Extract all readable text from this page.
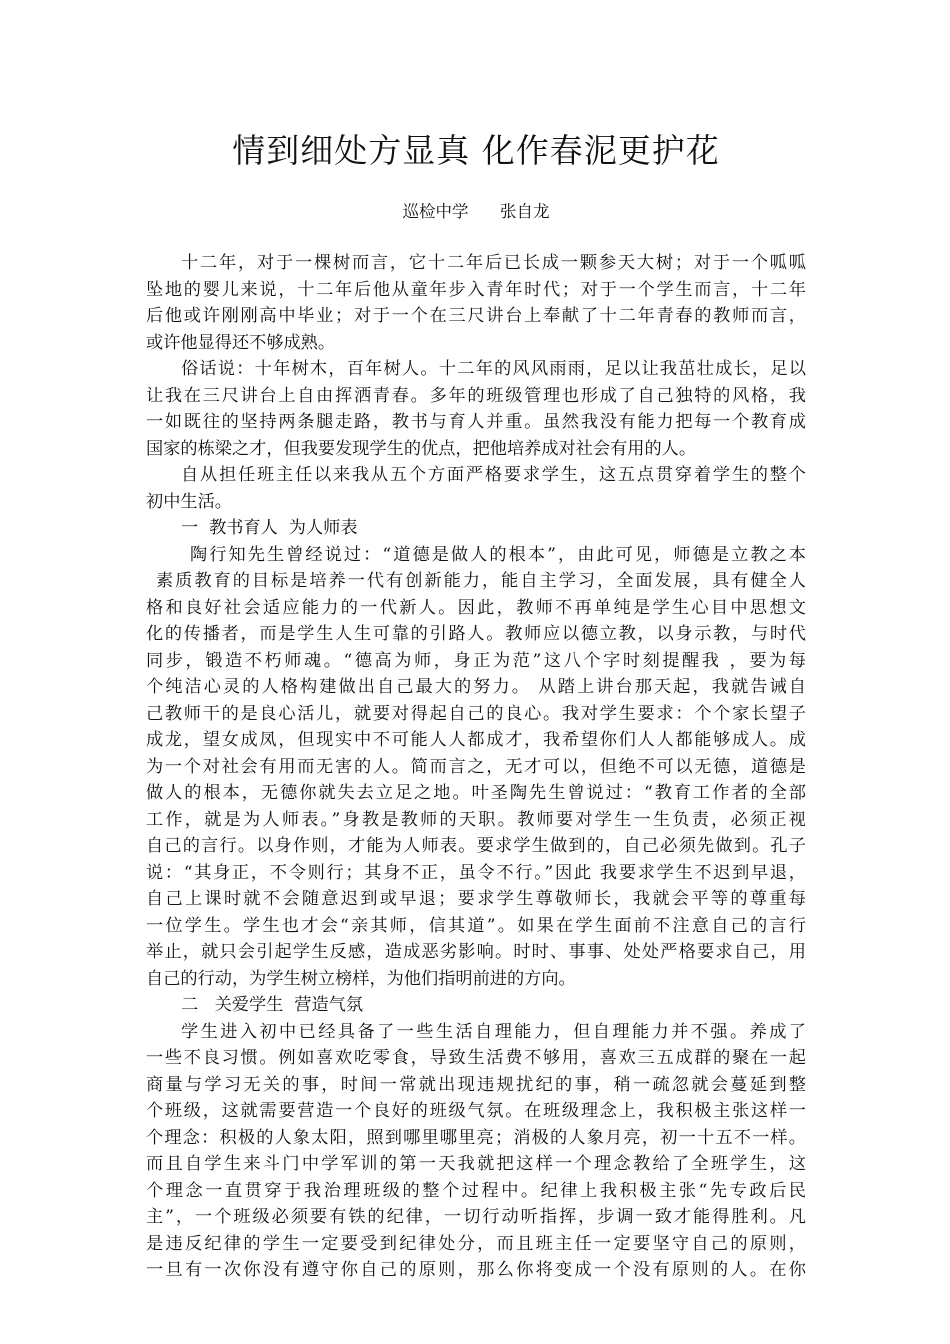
情到细处方显真 化作春泥更护花
巡检中学      张自龙
十二年，对于一棵树而言，它十二年后已长成一颗参天大树；对于一个呱呱
坠地的婴儿来说，十二年后他从童年步入青年时代；对于一个学生而言，十二年
后他或许刚刚高中毕业；对于一个在三尺讲台上奉献了十二年青春的教师而言，
或许他显得还不够成熟。
俗话说：十年树木，百年树人。十二年的风风雨雨，足以让我茁壮成长，足以
让我在三尺讲台上自由挥洒青春。多年的班级管理也形成了自己独特的风格，我
一如既往的坚持两条腿走路，教书与育人并重。虽然我没有能力把每一个教育成
国家的栋梁之才，但我要发现学生的优点，把他培养成对社会有用的人。
自从担任班主任以来我从五个方面严格要求学生，这五点贯穿着学生的整个
初中生活。
一  教书育人  为人师表
陶行知先生曾经说过：“道德是做人的根本”，由此可见，师德是立教之本
素质教育的目标是培养一代有创新能力，能自主学习，全面发展，具有健全人
格和良好社会适应能力的一代新人。因此，教师不再单纯是学生心目中思想文
化的传播者，而是学生人生可靠的引路人。教师应以德立教，以身示教，与时代
同步，锻造不朽师魂。“德高为师，身正为范”这八个字时刻提醒我 ，要为每
个纯洁心灵的人格构建做出自己最大的努力。 从踏上讲台那天起，我就告诫自
己教师干的是良心活儿，就要对得起自己的良心。我对学生要求：个个家长望子
成龙，望女成凤，但现实中不可能人人都成才，我希望你们人人都能够成人。成
为一个对社会有用而无害的人。简而言之，无才可以，但绝不可以无德，道德是
做人的根本，无德你就失去立足之地。叶圣陶先生曾说过：“教育工作者的全部
工作，就是为人师表。”身教是教师的天职。教师要对学生一生负责，必须正视
自己的言行。以身作则，才能为人师表。要求学生做到的，自己必须先做到。孔子
说：“其身正，不令则行；其身不正，虽令不行。”因此 我要求学生不迟到早退，
自己上课时就不会随意迟到或早退；要求学生尊敬师长，我就会平等的尊重每
一位学生。学生也才会“亲其师，信其道”。如果在学生面前不注意自己的言行
举止，就只会引起学生反感，造成恶劣影响。时时、事事、处处严格要求自己，用
自己的行动，为学生树立榜样，为他们指明前进的方向。
二   关爱学生  营造气氛
学生进入初中已经具备了一些生活自理能力，但自理能力并不强。养成了
一些不良习惯。例如喜欢吃零食，导致生活费不够用，喜欢三五成群的聚在一起
商量与学习无关的事，时间一常就出现违规扰纪的事，稍一疏忽就会蔓延到整
个班级，这就需要营造一个良好的班级气氛。在班级理念上，我积极主张这样一
个理念：积极的人象太阳，照到哪里哪里亮；消极的人象月亮，初一十五不一样。
而且自学生来斗门中学军训的第一天我就把这样一个理念教给了全班学生，这
个理念一直贯穿于我治理班级的整个过程中。纪律上我积极主张“先专政后民
主”，一个班级必须要有铁的纪律，一切行动听指挥，步调一致才能得胜利。凡
是违反纪律的学生一定要受到纪律处分，而且班主任一定要坚守自己的原则，
一旦有一次你没有遵守你自己的原则，那么你将变成一个没有原则的人。在你
